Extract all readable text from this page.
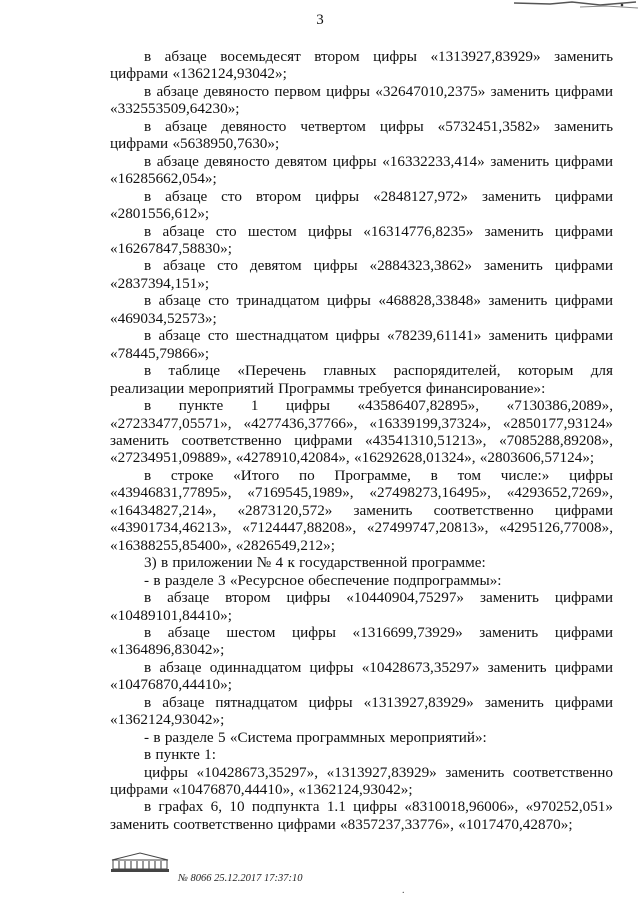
3

в абзаце восемьдесят втором цифры «1313927,83929» заменить цифрами «1362124,93042»;

в абзаце девяносто первом цифры «32647010,2375» заменить цифрами «332553509,64230»;

в абзаце девяносто четвертом цифры «5732451,3582» заменить цифрами «5638950,7630»;

в абзаце девяносто девятом цифры «16332233,414» заменить цифрами «16285662,054»;

в абзаце сто втором цифры «2848127,972» заменить цифрами «2801556,612»;

в абзаце сто шестом цифры «16314776,8235» заменить цифрами «16267847,58830»;

в абзаце сто девятом цифры «2884323,3862» заменить цифрами «2837394,151»;

в абзаце сто тринадцатом цифры «468828,33848» заменить цифрами «469034,52573»;

в абзаце сто шестнадцатом цифры «78239,61141» заменить цифрами «78445,79866»;

в таблице «Перечень главных распорядителей, которым для реализации мероприятий Программы требуется финансирование»:

в пункте 1 цифры «43586407,82895», «7130386,2089», «27233477,05571», «4277436,37766», «16339199,37324», «2850177,93124» заменить соответственно цифрами «43541310,51213», «7085288,89208», «27234951,09889», «4278910,42084», «16292628,01324», «2803606,57124»;

в строке «Итого по Программе, в том числе:» цифры «43946831,77895», «7169545,1989», «27498273,16495», «4293652,7269», «16434827,214», «2873120,572» заменить соответственно цифрами «43901734,46213», «7124447,88208», «27499747,20813», «4295126,77008», «16388255,85400», «2826549,212»;

3) в приложении № 4 к государственной программе:

- в разделе 3 «Ресурсное обеспечение подпрограммы»:

в абзаце втором цифры «10440904,75297» заменить цифрами «10489101,84410»;

в абзаце шестом цифры «1316699,73929» заменить цифрами «1364896,83042»;

в абзаце одиннадцатом цифры «10428673,35297» заменить цифрами «10476870,44410»;

в абзаце пятнадцатом цифры «1313927,83929» заменить цифрами «1362124,93042»;

- в разделе 5 «Система программных мероприятий»:

в пункте 1:

цифры «10428673,35297», «1313927,83929» заменить соответственно цифрами «10476870,44410», «1362124,93042»;

в графах 6, 10 подпункта 1.1 цифры «8310018,96006», «970252,051» заменить соответственно цифрами «8357237,33776», «1017470,42870»;

№ 8066 25.12.2017 17:37:10
.
